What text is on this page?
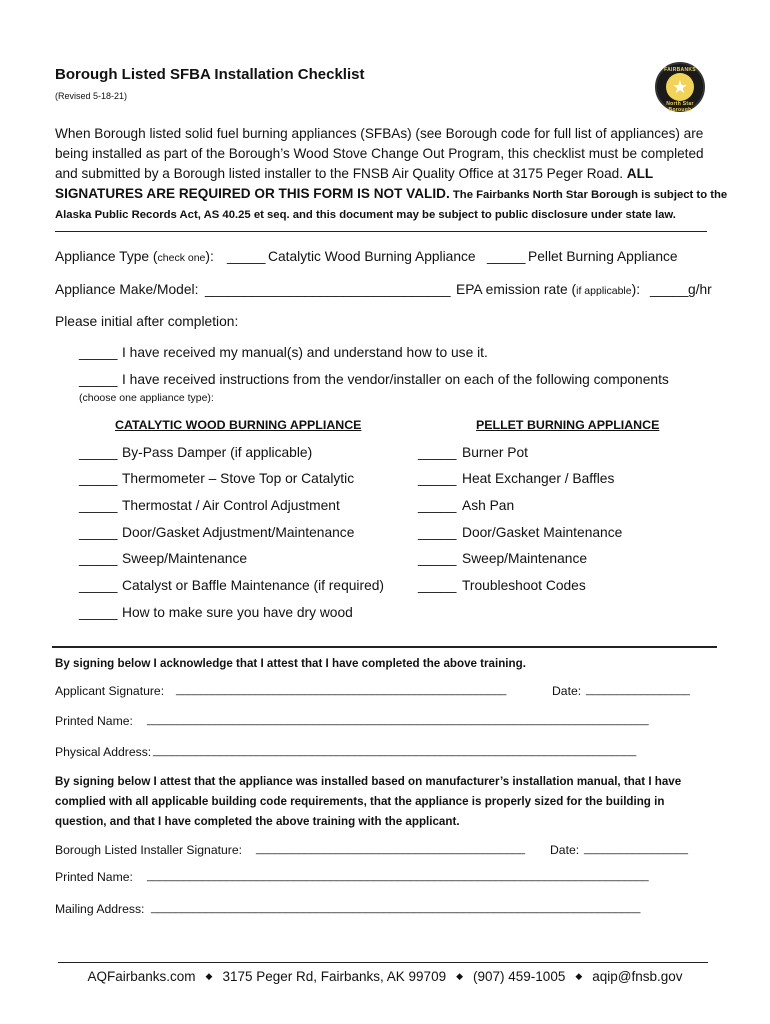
Borough Listed SFBA Installation Checklist
(Revised 5-18-21)
FAIRBANKS
★
North Star Borough
When Borough listed solid fuel burning appliances (SFBAs) (see Borough code for full list of appliances) are
being installed as part of the Borough’s Wood Stove Change Out Program, this checklist must be completed
and submitted by a Borough listed installer to the FNSB Air Quality Office at 3175 Peger Road. ALL
SIGNATURES ARE REQUIRED OR THIS FORM IS NOT VALID. The Fairbanks North Star Borough is subject to the
Alaska Public Records Act, AS 40.25 et seq. and this document may be subject to public disclosure under state law.
Appliance Type (check one): _____ Catalytic Wood Burning Appliance _____ Pellet Burning Appliance
Appliance Make/Model: ________________________________ EPA emission rate (if applicable): _____ g/hr
Please initial after completion:
_____ I have received my manual(s) and understand how to use it.
_____ I have received instructions from the vendor/installer on each of the following components
(choose one appliance type):
CATALYTIC WOOD BURNING APPLIANCE	PELLET BURNING APPLIANCE
_____ By-Pass Damper (if applicable)
_____ Thermometer – Stove Top or Catalytic
_____ Thermostat / Air Control Adjustment
_____ Door/Gasket Adjustment/Maintenance
_____ Sweep/Maintenance
_____ Catalyst or Baffle Maintenance (if required)
_____ How to make sure you have dry wood
_____ Burner Pot
_____ Heat Exchanger / Baffles
_____ Ash Pan
_____ Door/Gasket Maintenance
_____ Sweep/Maintenance
_____ Troubleshoot Codes
By signing below I acknowledge that I attest that I have completed the above training.
Applicant Signature: ______________________________________________________	Date: _________________
Printed Name: __________________________________________________________________________________
Physical Address: _______________________________________________________________________________
By signing below I attest that the appliance was installed based on manufacturer’s installation manual, that I have
complied with all applicable building code requirements, that the appliance is properly sized for the building in
question, and that I have completed the above training with the applicant.
Borough Listed Installer Signature: ____________________________________________ Date: _________________
Printed Name: __________________________________________________________________________________
Mailing Address: ________________________________________________________________________________
AQFairbanks.com ◆ 3175 Peger Rd, Fairbanks, AK 99709 ◆ (907) 459-1005 ◆ aqip@fnsb.gov
